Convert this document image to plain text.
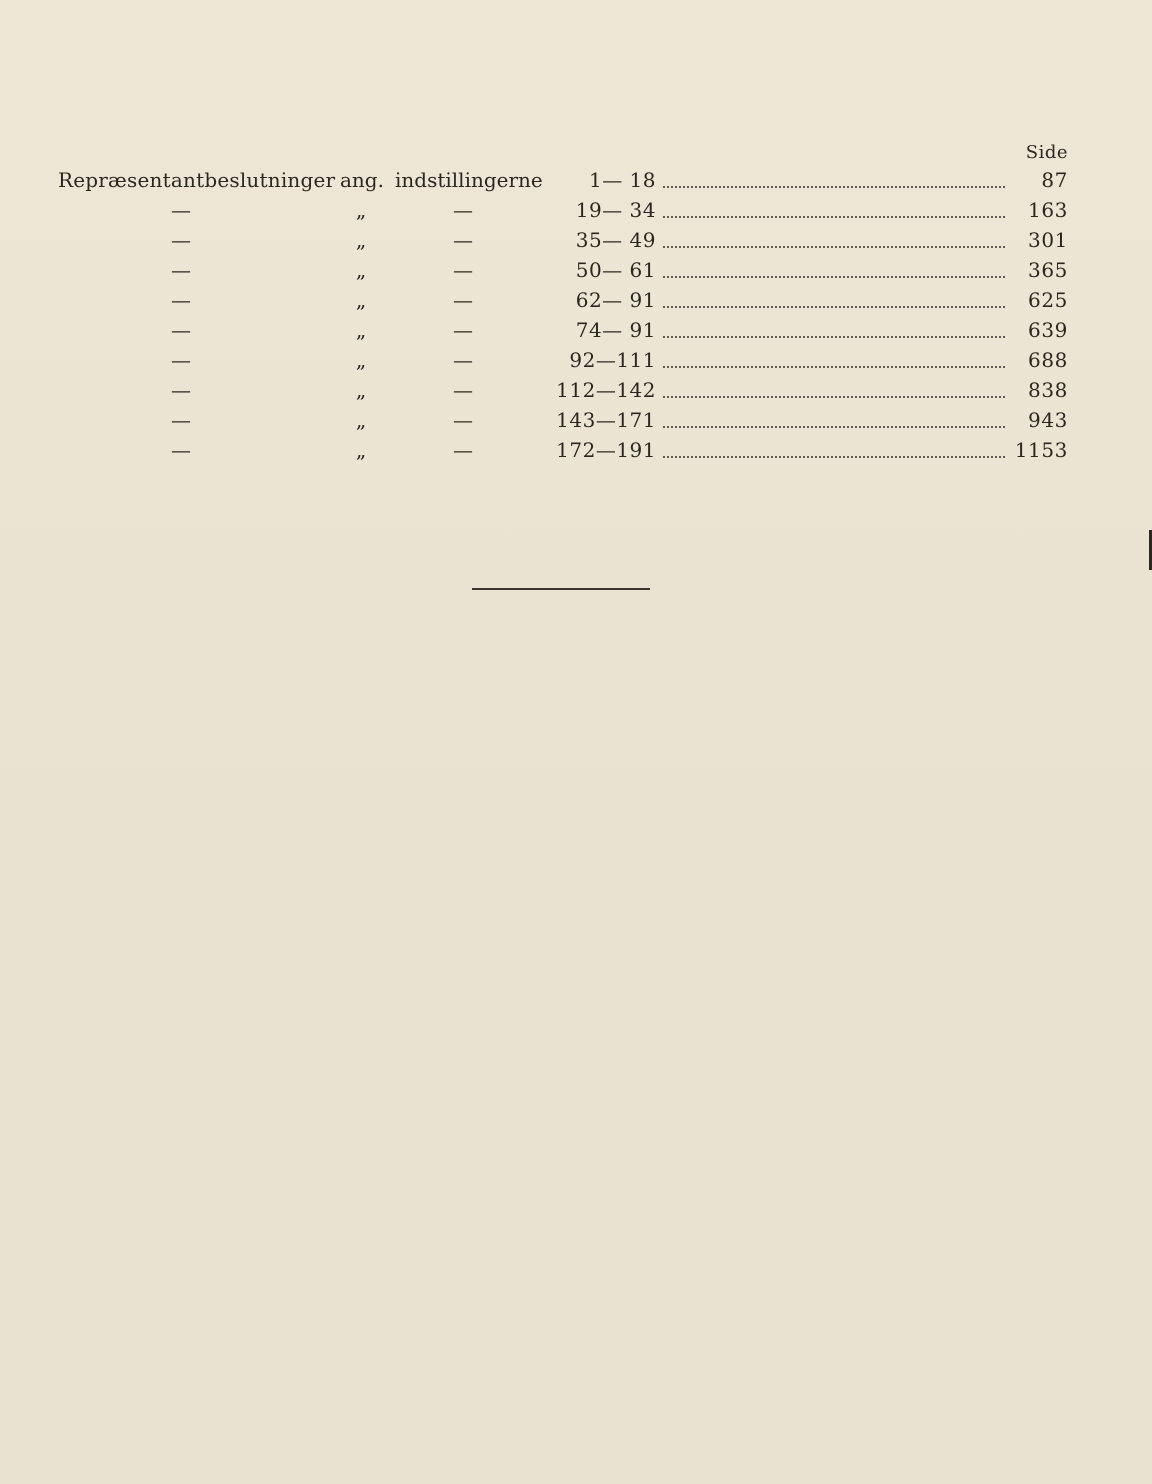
Side
Repræsentantbeslutninger ang. indstillingerne	1— 18	87
—	„	—	19— 34	163
—	„	—	35— 49	301
—	„	—	50— 61	365
—	„	—	62— 91	625
—	„	—	74— 91	639
—	„	—	92—111	688
—	„	—	112—142	838
—	„	—	143—171	943
—	„	—	172—191	1153
